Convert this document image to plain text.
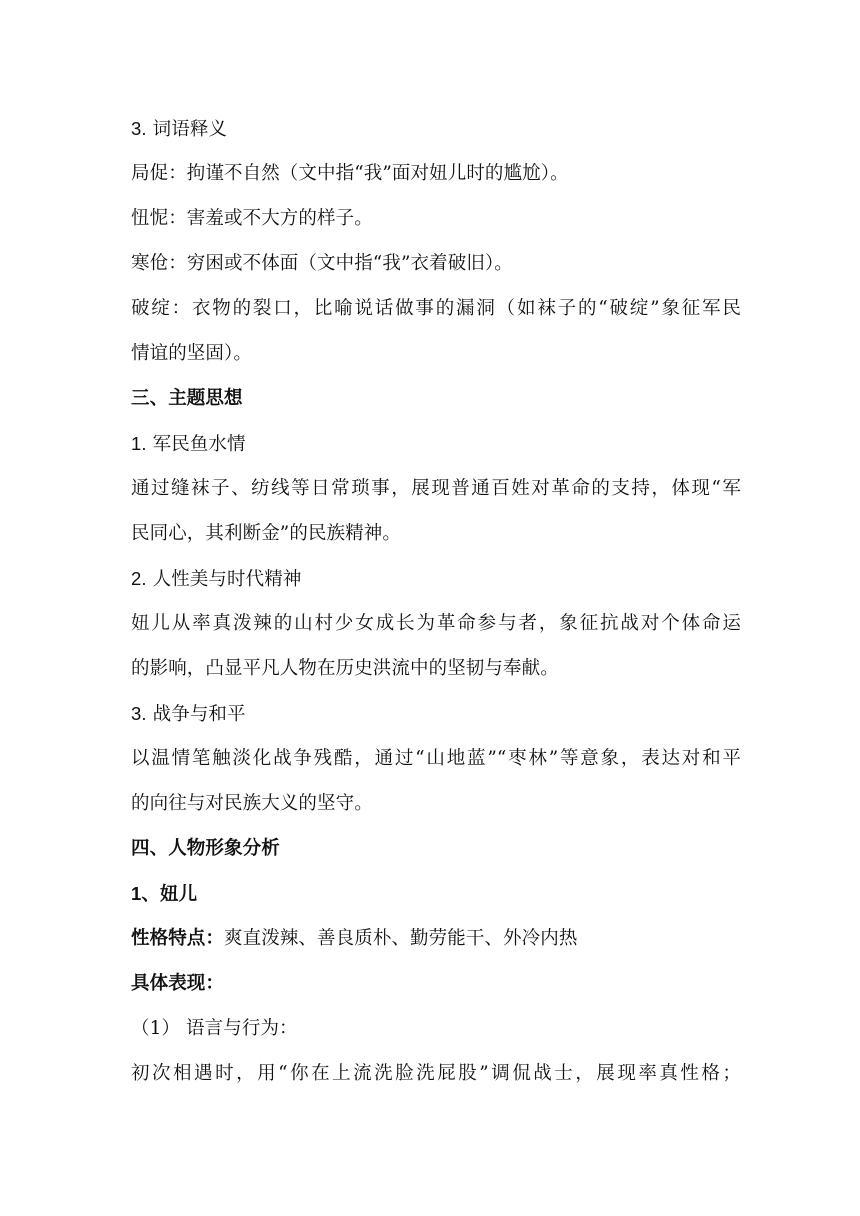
3. 词语释义
局促：拘谨不自然（文中指“我”面对妞儿时的尴尬）。
忸怩：害羞或不大方的样子。
寒伧：穷困或不体面（文中指“我”衣着破旧）。
破绽：衣物的裂口，比喻说话做事的漏洞（如袜子的“破绽”象征军民
情谊的坚固）。
三、主题思想
1. 军民鱼水情
通过缝袜子、纺线等日常琐事，展现普通百姓对革命的支持，体现“军
民同心，其利断金”的民族精神。
2. 人性美与时代精神
妞儿从率真泼辣的山村少女成长为革命参与者，象征抗战对个体命运
的影响，凸显平凡人物在历史洪流中的坚韧与奉献。
3. 战争与和平
以温情笔触淡化战争残酷，通过“山地蓝”“枣林”等意象，表达对和平
的向往与对民族大义的坚守。
四、人物形象分析
1、妞儿
性格特点：爽直泼辣、善良质朴、勤劳能干、外冷内热
具体表现：
（1） 语言与行为：
初次相遇时，用“你在上流洗脸洗屁股”调侃战士，展现率真性格；
